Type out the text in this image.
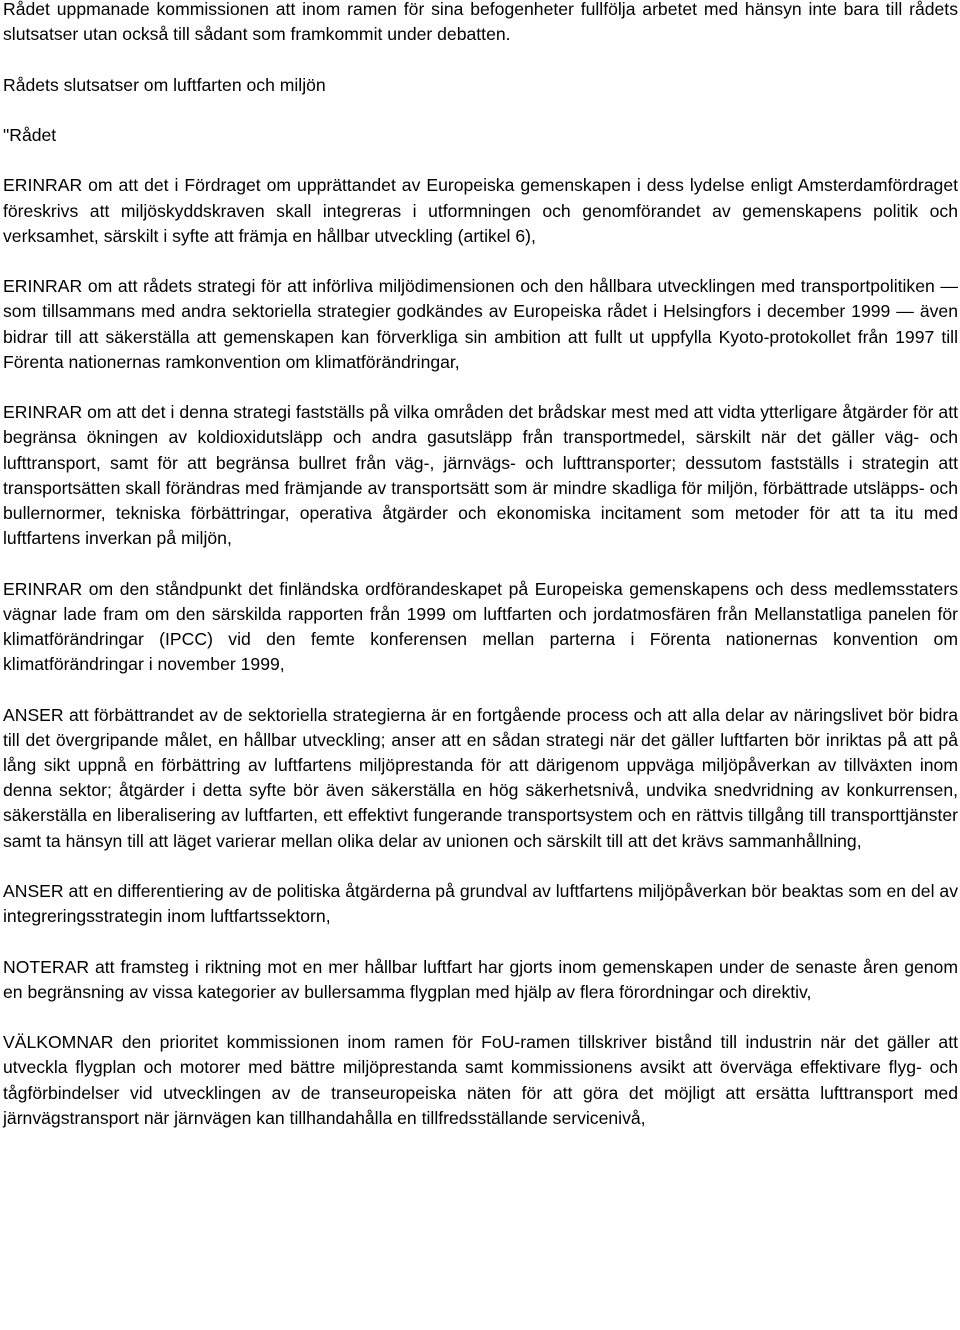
Rådet uppmanade kommissionen att inom ramen för sina befogenheter fullfölja arbetet med hänsyn inte bara till rådets slutsatser utan också till sådant som framkommit under debatten.

Rådets slutsatser om luftfarten och miljön

"Rådet

ERINRAR om att det i Fördraget om upprättandet av Europeiska gemenskapen i dess lydelse enligt Amsterdamfördraget föreskrivs att miljöskyddskraven skall integreras i utformningen och genomförandet av gemenskapens politik och verksamhet, särskilt i syfte att främja en hållbar utveckling (artikel 6),

ERINRAR om att rådets strategi för att införliva miljödimensionen och den hållbara utvecklingen med transportpolitiken — som tillsammans med andra sektoriella strategier godkändes av Europeiska rådet i Helsingfors i december 1999 — även bidrar till att säkerställa att gemenskapen kan förverkliga sin ambition att fullt ut uppfylla Kyoto-protokollet från 1997 till Förenta nationernas ramkonvention om klimatförändringar,

ERINRAR om att det i denna strategi fastställs på vilka områden det brådskar mest med att vidta ytterligare åtgärder för att begränsa ökningen av koldioxidutsläpp och andra gasutsläpp från transportmedel, särskilt när det gäller väg- och lufttransport, samt för att begränsa bullret från väg-, järnvägs- och lufttransporter; dessutom fastställs i strategin att transportsätten skall förändras med främjande av transportsätt som är mindre skadliga för miljön, förbättrade utsläpps- och bullernormer, tekniska förbättringar, operativa åtgärder och ekonomiska incitament som metoder för att ta itu med luftfartens inverkan på miljön,

ERINRAR om den ståndpunkt det finländska ordförandeskapet på Europeiska gemenskapens och dess medlemsstaters vägnar lade fram om den särskilda rapporten från 1999 om luftfarten och jordatmosfären från Mellanstatliga panelen för klimatförändringar (IPCC) vid den femte konferensen mellan parterna i Förenta nationernas konvention om klimatförändringar i november 1999,

ANSER att förbättrandet av de sektoriella strategierna är en fortgående process och att alla delar av näringslivet bör bidra till det övergripande målet, en hållbar utveckling; anser att en sådan strategi när det gäller luftfarten bör inriktas på att på lång sikt uppnå en förbättring av luftfartens miljöprestanda för att därigenom uppväga miljöpåverkan av tillväxten inom denna sektor; åtgärder i detta syfte bör även säkerställa en hög säkerhetsnivå, undvika snedvridning av konkurrensen, säkerställa en liberalisering av luftfarten, ett effektivt fungerande transportsystem och en rättvis tillgång till transporttjänster samt ta hänsyn till att läget varierar mellan olika delar av unionen och särskilt till att det krävs sammanhållning,

ANSER att en differentiering av de politiska åtgärderna på grundval av luftfartens miljöpåverkan bör beaktas som en del av integreringsstrategin inom luftfartssektorn,

NOTERAR att framsteg i riktning mot en mer hållbar luftfart har gjorts inom gemenskapen under de senaste åren genom en begränsning av vissa kategorier av bullersamma flygplan med hjälp av flera förordningar och direktiv,

VÄLKOMNAR den prioritet kommissionen inom ramen för FoU-ramen tillskriver bistånd till industrin när det gäller att utveckla flygplan och motorer med bättre miljöprestanda samt kommissionens avsikt att överväga effektivare flyg- och tågförbindelser vid utvecklingen av de transeuropeiska näten för att göra det möjligt att ersätta lufttransport med järnvägstransport när järnvägen kan tillhandahålla en tillfredsställande servicenivå,
